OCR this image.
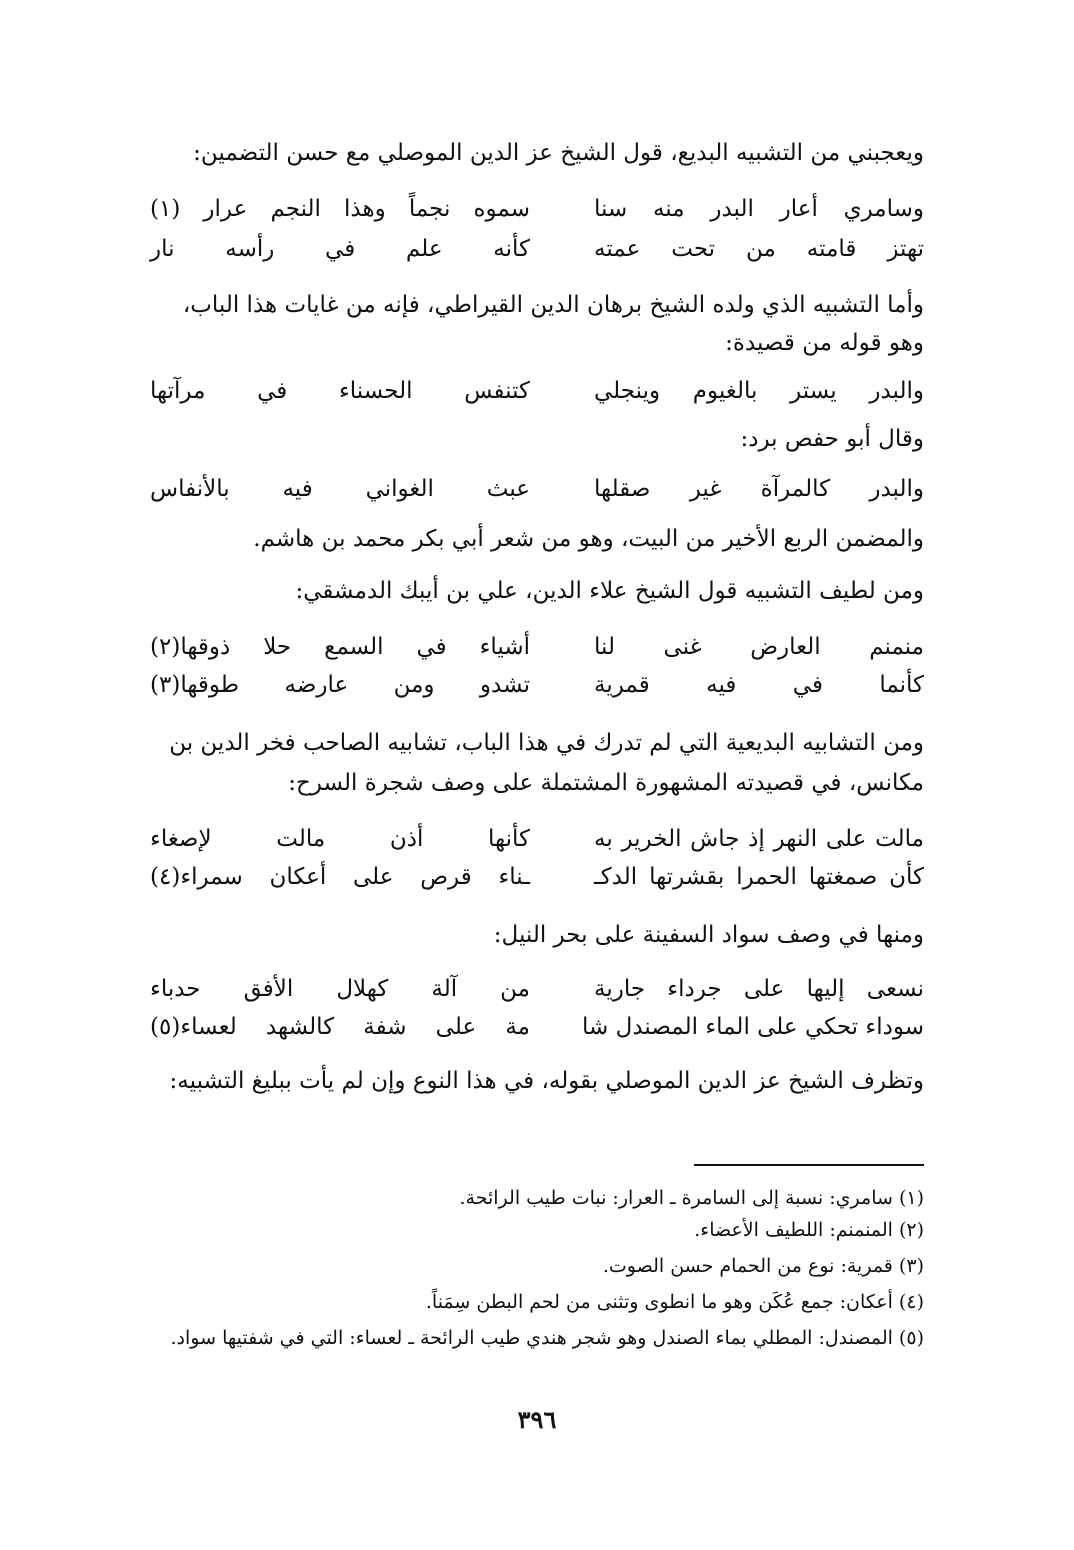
ويعجبني من التشبيه البديع، قول الشيخ عز الدين الموصلي مع حسن التضمين:
وسامري أعار البدر منه سنا
سموه نجماً وهذا النجم عرار (١)
تهتز قامته من تحت عمته
كأنه علم في رأسه نار
وأما التشبيه الذي ولده الشيخ برهان الدين القيراطي، فإنه من غايات هذا الباب،
وهو قوله من قصيدة:
والبدر يستر بالغيوم وينجلي
كتنفس الحسناء في مرآتها
وقال أبو حفص برد:
والبدر كالمرآة غير صقلها
عبث الغواني فيه بالأنفاس
والمضمن الربع الأخير من البيت، وهو من شعر أبي بكر محمد بن هاشم.
ومن لطيف التشبيه قول الشيخ علاء الدين، علي بن أيبك الدمشقي:
منمنم العارض غنى لنا
أشياء في السمع حلا ذوقها(٢)
كأنما في فيه قمرية
تشدو ومن عارضه طوقها(٣)
ومن التشابيه البديعية التي لم تدرك في هذا الباب، تشابيه الصاحب فخر الدين بن
مكانس، في قصيدته المشهورة المشتملة على وصف شجرة السرح:
مالت على النهر إذ جاش الخرير به
كأنها أذن مالت لإصغاء
كأن صمغتها الحمرا بقشرتها الدكـ
ـناء قرص على أعكان سمراء(٤)
ومنها في وصف سواد السفينة على بحر النيل:
نسعى إليها على جرداء جارية
من آلة كهلال الأفق حدباء
سوداء تحكي على الماء المصندل شا
مة على شفة كالشهد لعساء(٥)
وتظرف الشيخ عز الدين الموصلي بقوله، في هذا النوع وإن لم يأت ببليغ التشبيه:
(١) سامري: نسبة إلى السامرة ـ العرار: نبات طيب الرائحة.
(٢) المنمنم: اللطيف الأعضاء.
(٣) قمرية: نوع من الحمام حسن الصوت.
(٤) أعكان: جمع عُكَن وهو ما انطوى وتثنى من لحم البطن سِمَناً.
(٥) المصندل: المطلي بماء الصندل وهو شجر هندي طيب الرائحة ـ لعساء: التي في شفتيها سواد.
٣٩٦
